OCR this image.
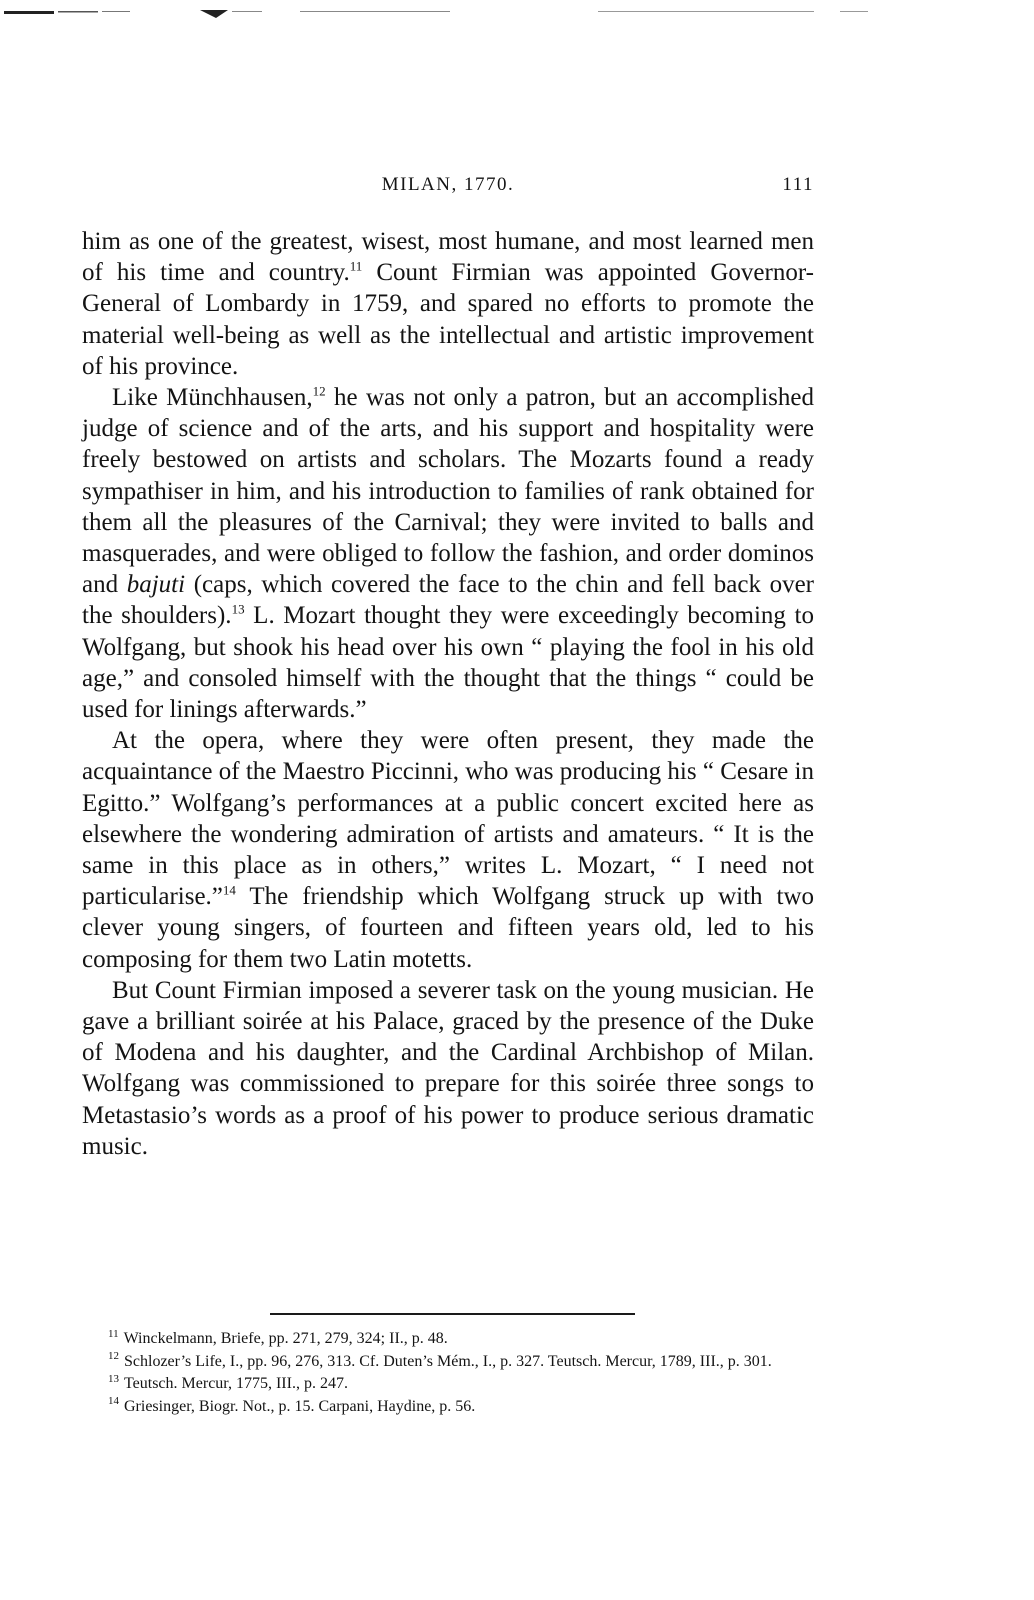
MILAN, 1770.	111

him as one of the greatest, wisest, most humane, and most learned men of his time and country.$^{11}$ Count Firmian was appointed Governor-General of Lombardy in 1759, and spared no efforts to promote the material well-being as well as the intellectual and artistic improvement of his province.

Like Münchhausen,$^{12}$ he was not only a patron, but an accomplished judge of science and of the arts, and his support and hospitality were freely bestowed on artists and scholars. The Mozarts found a ready sympathiser in him, and his introduction to families of rank obtained for them all the pleasures of the Carnival; they were invited to balls and masquerades, and were obliged to follow the fashion, and order dominos and bajuti (caps, which covered the face to the chin and fell back over the shoulders).$^{13}$ L. Mozart thought they were exceedingly becoming to Wolfgang, but shook his head over his own “ playing the fool in his old age,” and consoled himself with the thought that the things “ could be used for linings afterwards.”

At the opera, where they were often present, they made the acquaintance of the Maestro Piccinni, who was producing his “ Cesare in Egitto.” Wolfgang’s performances at a public concert excited here as elsewhere the wondering admiration of artists and amateurs. “ It is the same in this place as in others,” writes L. Mozart, “ I need not particularise.”$^{14}$ The friendship which Wolfgang struck up with two clever young singers, of fourteen and fifteen years old, led to his composing for them two Latin motetts.

But Count Firmian imposed a severer task on the young musician. He gave a brilliant soirée at his Palace, graced by the presence of the Duke of Modena and his daughter, and the Cardinal Archbishop of Milan. Wolfgang was commissioned to prepare for this soirée three songs to Metastasio’s words as a proof of his power to produce serious dramatic music.

$^{11}$ Winckelmann, Briefe, pp. 271, 279, 324; II., p. 48.

$^{12}$ Schlozer’s Life, I., pp. 96, 276, 313. Cf. Duten’s Mém., I., p. 327. Teutsch. Mercur, 1789, III., p. 301.

$^{13}$ Teutsch. Mercur, 1775, III., p. 247.

$^{14}$ Griesinger, Biogr. Not., p. 15. Carpani, Haydine, p. 56.
